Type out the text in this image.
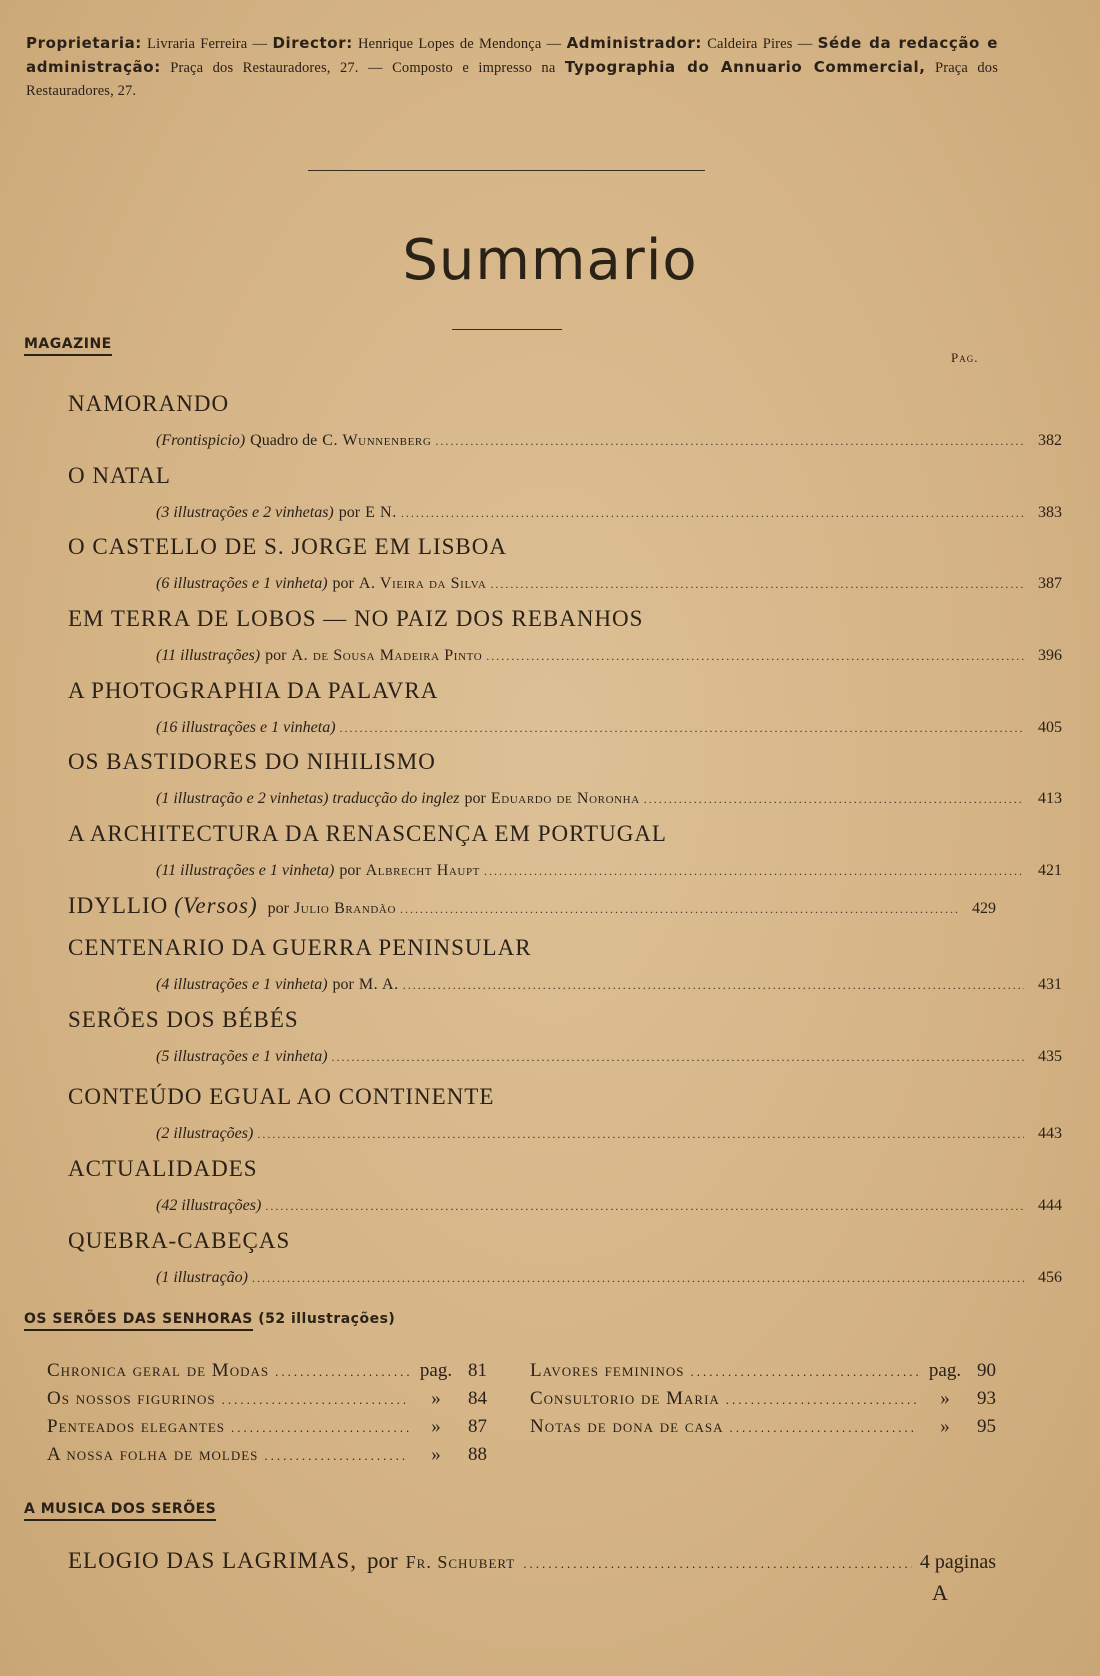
Proprietaria: Livraria Ferreira — Director: Henrique Lopes de Mendonça — Administrador: Caldeira Pires — Séde da redacção e administração: Praça dos Restauradores, 27. — Composto e impresso na Typographia do Annuario Commercial, Praça dos Restauradores, 27.
Summario
MAGAZINE
Pag.
NAMORANDO
(Frontispicio) Quadro de C. Wunnenberg .....	382
O NATAL
(3 illustrações e 2 vinhetas) por E N. .....	383
O CASTELLO DE S. JORGE EM LISBOA
(6 illustrações e 1 vinheta) por A. Vieira da Silva .....	387
EM TERRA DE LOBOS — NO PAIZ DOS REBANHOS
(11 illustrações) por A. de Sousa Madeira Pinto .....	396
A PHOTOGRAPHIA DA PALAVRA
(16 illustrações e 1 vinheta) .....	405
OS BASTIDORES DO NIHILISMO
(1 illustração e 2 vinhetas) traducção do inglez por Eduardo de Noronha .....	413
A ARCHITECTURA DA RENASCENÇA EM PORTUGAL
(11 illustrações e 1 vinheta) por Albrecht Haupt .....	421
IDYLLIO (Versos) por Julio Brandão .....	429
CENTENARIO DA GUERRA PENINSULAR
(4 illustrações e 1 vinheta) por M. A. .....	431
SERÕES DOS BÉBÉS
(5 illustrações e 1 vinheta) .....	435
CONTEÚDO EGUAL AO CONTINENTE
(2 illustrações) .....	443
ACTUALIDADES
(42 illustrações) .....	444
QUEBRA-CABEÇAS
(1 illustração) .....	456
OS SERÕES DAS SENHORAS (52 illustrações)
Chronica geral de Modas .....	pag. 81
Os nossos figurinos .....	»	84
Penteados elegantes .....	»	87
A nossa folha de moldes .....	»	88
Lavores femininos .....	pag. 90
Consultorio de Maria .....	»	93
Notas de dona de casa .....	»	95
A MUSICA DOS SERÕES
ELOGIO DAS LAGRIMAS, por Fr. Schubert .....	4 paginas
A
